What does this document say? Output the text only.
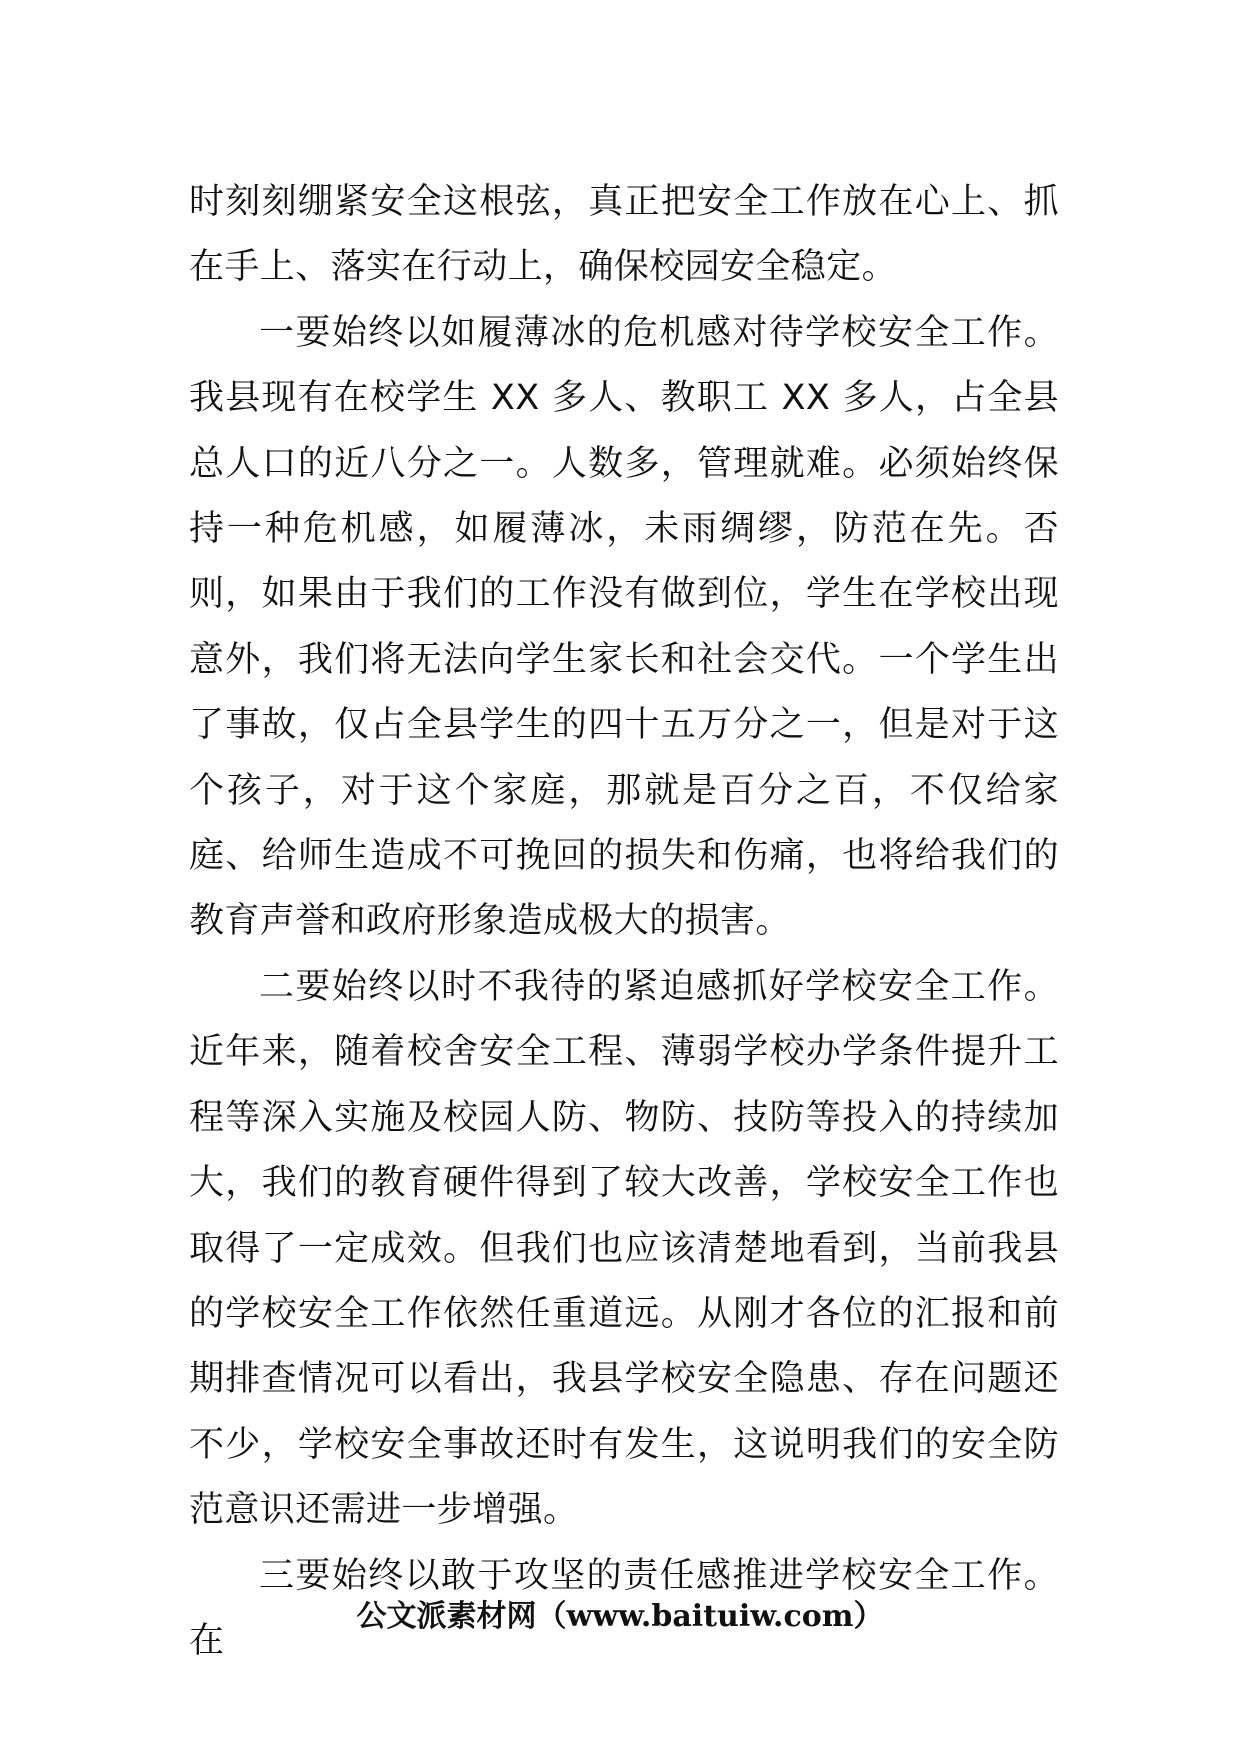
时刻刻绷紧安全这根弦，真正把安全工作放在心上、抓在手上、落实在行动上，确保校园安全稳定。

一要始终以如履薄冰的危机感对待学校安全工作。我县现有在校学生 XX 多人、教职工 XX 多人，占全县总人口的近八分之一。人数多，管理就难。必须始终保持一种危机感，如履薄冰，未雨绸缪，防范在先。否则，如果由于我们的工作没有做到位，学生在学校出现意外，我们将无法向学生家长和社会交代。一个学生出了事故，仅占全县学生的四十五万分之一，但是对于这个孩子，对于这个家庭，那就是百分之百，不仅给家庭、给师生造成不可挽回的损失和伤痛，也将给我们的教育声誉和政府形象造成极大的损害。

二要始终以时不我待的紧迫感抓好学校安全工作。近年来，随着校舍安全工程、薄弱学校办学条件提升工程等深入实施及校园人防、物防、技防等投入的持续加大，我们的教育硬件得到了较大改善，学校安全工作也取得了一定成效。但我们也应该清楚地看到，当前我县的学校安全工作依然任重道远。从刚才各位的汇报和前期排查情况可以看出，我县学校安全隐患、存在问题还不少，学校安全事故还时有发生，这说明我们的安全防范意识还需进一步增强。

三要始终以敢于攻坚的责任感推进学校安全工作。在

公文派素材网（www.baituiw.com）
